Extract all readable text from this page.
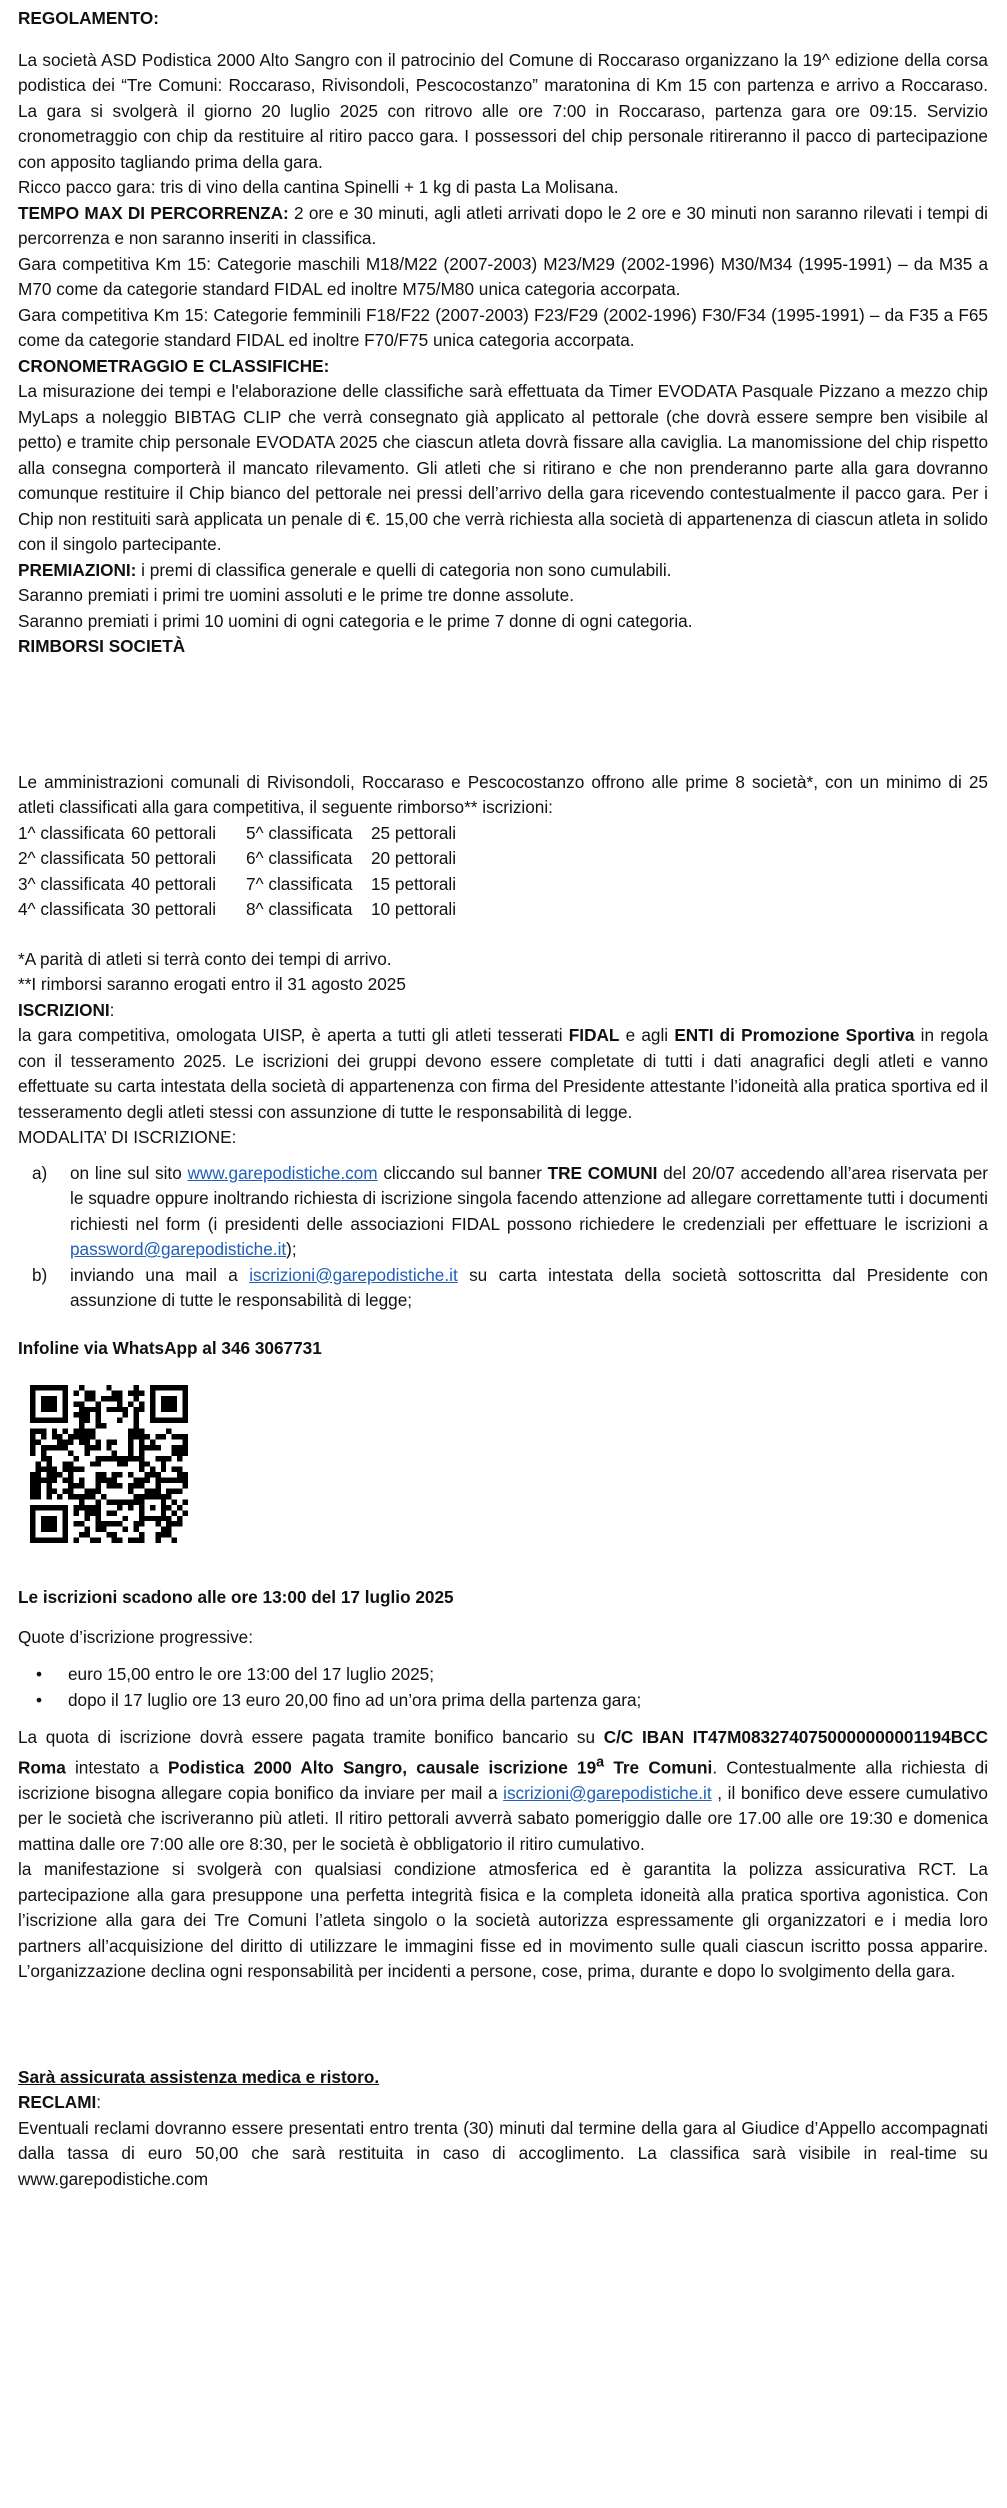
REGOLAMENTO:

La società ASD Podistica 2000 Alto Sangro con il patrocinio del Comune di Roccaraso organizzano la 19^ edizione della corsa podistica dei “Tre Comuni: Roccaraso, Rivisondoli, Pescocostanzo” maratonina di Km 15 con partenza e arrivo a Roccaraso. La gara si svolgerà il giorno 20 luglio 2025 con ritrovo alle ore 7:00 in Roccaraso, partenza gara ore 09:15. Servizio cronometraggio con chip da restituire al ritiro pacco gara. I possessori del chip personale ritireranno il pacco di partecipazione con apposito tagliando prima della gara.

Ricco pacco gara: tris di vino della cantina Spinelli + 1 kg di pasta La Molisana.

TEMPO MAX DI PERCORRENZA: 2 ore e 30 minuti, agli atleti arrivati dopo le 2 ore e 30 minuti non saranno rilevati i tempi di percorrenza e non saranno inseriti in classifica.

Gara competitiva Km 15: Categorie maschili M18/M22 (2007-2003) M23/M29 (2002-1996) M30/M34 (1995-1991) – da M35 a M70 come da categorie standard FIDAL ed inoltre M75/M80 unica categoria accorpata.

Gara competitiva Km 15: Categorie femminili F18/F22 (2007-2003) F23/F29 (2002-1996) F30/F34 (1995-1991) – da F35 a F65 come da categorie standard FIDAL ed inoltre F70/F75 unica categoria accorpata.

CRONOMETRAGGIO E CLASSIFICHE:

La misurazione dei tempi e l'elaborazione delle classifiche sarà effettuata da Timer EVODATA Pasquale Pizzano a mezzo chip MyLaps a noleggio BIBTAG CLIP che verrà consegnato già applicato al pettorale (che dovrà essere sempre ben visibile al petto) e tramite chip personale EVODATA 2025 che ciascun atleta dovrà fissare alla caviglia. La manomissione del chip rispetto alla consegna comporterà il mancato rilevamento. Gli atleti che si ritirano e che non prenderanno parte alla gara dovranno comunque restituire il Chip bianco del pettorale nei pressi dell’arrivo della gara ricevendo contestualmente il pacco gara. Per i Chip non restituiti sarà applicata un penale di €. 15,00 che verrà richiesta alla società di appartenenza di ciascun atleta in solido con il singolo partecipante.

PREMIAZIONI: i premi di classifica generale e quelli di categoria non sono cumulabili.

Saranno premiati i primi tre uomini assoluti e le prime tre donne assolute.

Saranno premiati i primi 10 uomini di ogni categoria e le prime 7 donne di ogni categoria.

RIMBORSI SOCIETÀ

Le amministrazioni comunali di Rivisondoli, Roccaraso e Pescocostanzo offrono alle prime 8 società*, con un minimo di 25 atleti classificati alla gara competitiva, il seguente rimborso** iscrizioni:

1^ classificata 60 pettorali	5^ classificata	25 pettorali
2^ classificata 50 pettorali	6^ classificata	20 pettorali
3^ classificata 40 pettorali	7^ classificata	15 pettorali
4^ classificata 30 pettorali	8^ classificata	10 pettorali

*A parità di atleti si terrà conto dei tempi di arrivo.

**I rimborsi saranno erogati entro il 31 agosto 2025

ISCRIZIONI:

la gara competitiva, omologata UISP, è aperta a tutti gli atleti tesserati FIDAL e agli ENTI di Promozione Sportiva in regola con il tesseramento 2025. Le iscrizioni dei gruppi devono essere completate di tutti i dati anagrafici degli atleti e vanno effettuate su carta intestata della società di appartenenza con firma del Presidente attestante l’idoneità alla pratica sportiva ed il tesseramento degli atleti stessi con assunzione di tutte le responsabilità di legge.

MODALITA’ DI ISCRIZIONE:

a) on line sul sito www.garepodistiche.com cliccando sul banner TRE COMUNI del 20/07 accedendo all’area riservata per le squadre oppure inoltrando richiesta di iscrizione singola facendo attenzione ad allegare correttamente tutti i documenti richiesti nel form (i presidenti delle associazioni FIDAL possono richiedere le credenziali per effettuare le iscrizioni a password@garepodistiche.it);
b) inviando una mail a iscrizioni@garepodistiche.it su carta intestata della società sottoscritta dal Presidente con assunzione di tutte le responsabilità di legge;

Infoline via WhatsApp al 346 3067731

Le iscrizioni scadono alle ore 13:00 del 17 luglio 2025

Quote d’iscrizione progressive:

• euro 15,00 entro le ore 13:00 del 17 luglio 2025;
• dopo il 17 luglio ore 13 euro 20,00 fino ad un’ora prima della partenza gara;

La quota di iscrizione dovrà essere pagata tramite bonifico bancario su C/C IBAN IT47M0832740750000000001194BCC Roma intestato a Podistica 2000 Alto Sangro, causale iscrizione 19$^a$ Tre Comuni. Contestualmente alla richiesta di iscrizione bisogna allegare copia bonifico da inviare per mail a iscrizioni@garepodistiche.it , il bonifico deve essere cumulativo per le società che iscriveranno più atleti. Il ritiro pettorali avverrà sabato pomeriggio dalle ore 17.00 alle ore 19:30 e domenica mattina dalle ore 7:00 alle ore 8:30, per le società è obbligatorio il ritiro cumulativo.

la manifestazione si svolgerà con qualsiasi condizione atmosferica ed è garantita la polizza assicurativa RCT. La partecipazione alla gara presuppone una perfetta integrità fisica e la completa idoneità alla pratica sportiva agonistica. Con l’iscrizione alla gara dei Tre Comuni l’atleta singolo o la società autorizza espressamente gli organizzatori e i media loro partners all’acquisizione del diritto di utilizzare le immagini fisse ed in movimento sulle quali ciascun iscritto possa apparire. L’organizzazione declina ogni responsabilità per incidenti a persone, cose, prima, durante e dopo lo svolgimento della gara.

Sarà assicurata assistenza medica e ristoro.

RECLAMI:

Eventuali reclami dovranno essere presentati entro trenta (30) minuti dal termine della gara al Giudice d’Appello accompagnati dalla tassa di euro 50,00 che sarà restituita in caso di accoglimento. La classifica sarà visibile in real-time su www.garepodistiche.com
